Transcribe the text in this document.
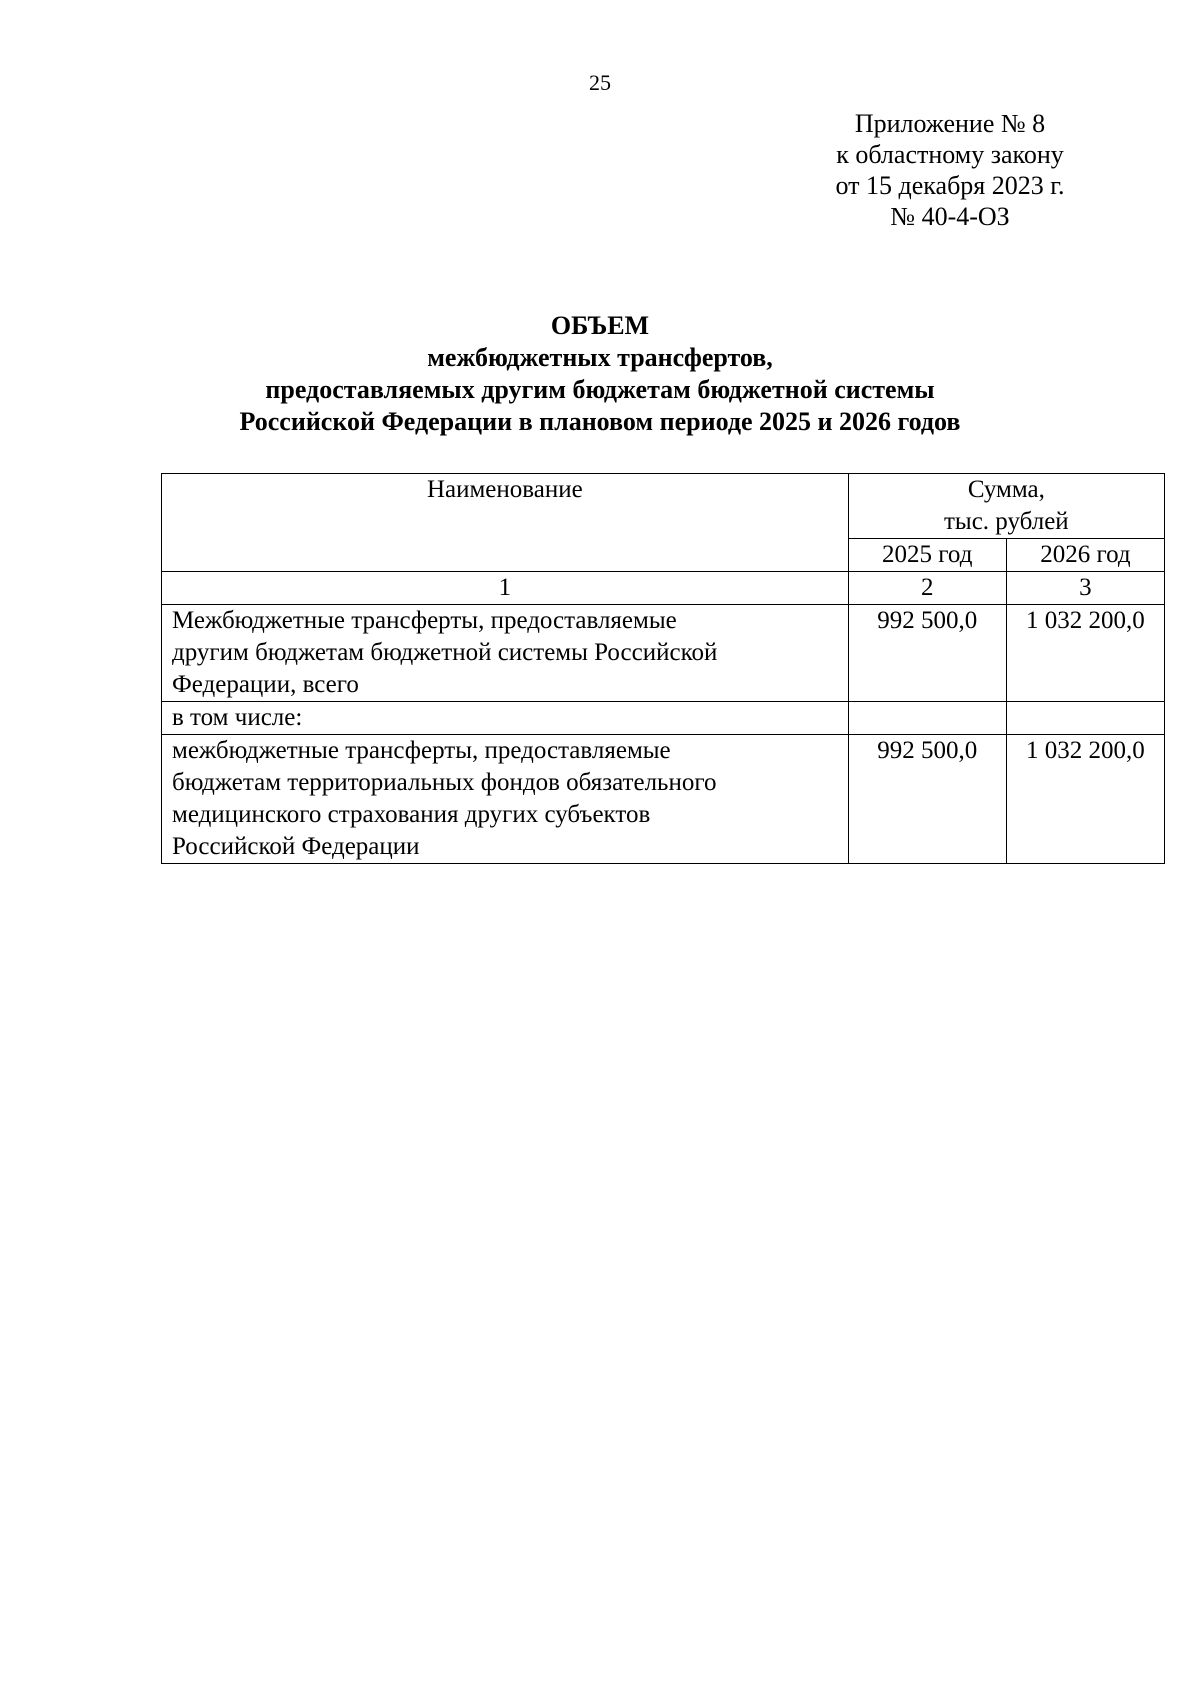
25
Приложение № 8
к областному закону
от 15 декабря 2023 г.
№ 40-4-ОЗ
ОБЪЕМ
межбюджетных трансфертов,
предоставляемых другим бюджетам бюджетной системы
Российской Федерации в плановом периоде 2025 и 2026 годов
Наименование	Сумма,
тыс. рублей	

	2025 год	2026 год
1	2	3

Межбюджетные трансферты, предоставляемые
другим бюджетам бюджетной системы Российской
Федерации, всего	992 500,0	1 032 200,0

в том числе:		

межбюджетные трансферты, предоставляемые
бюджетам территориальных фондов обязательного
медицинского страхования других субъектов
Российской Федерации	992 500,0	1 032 200,0
